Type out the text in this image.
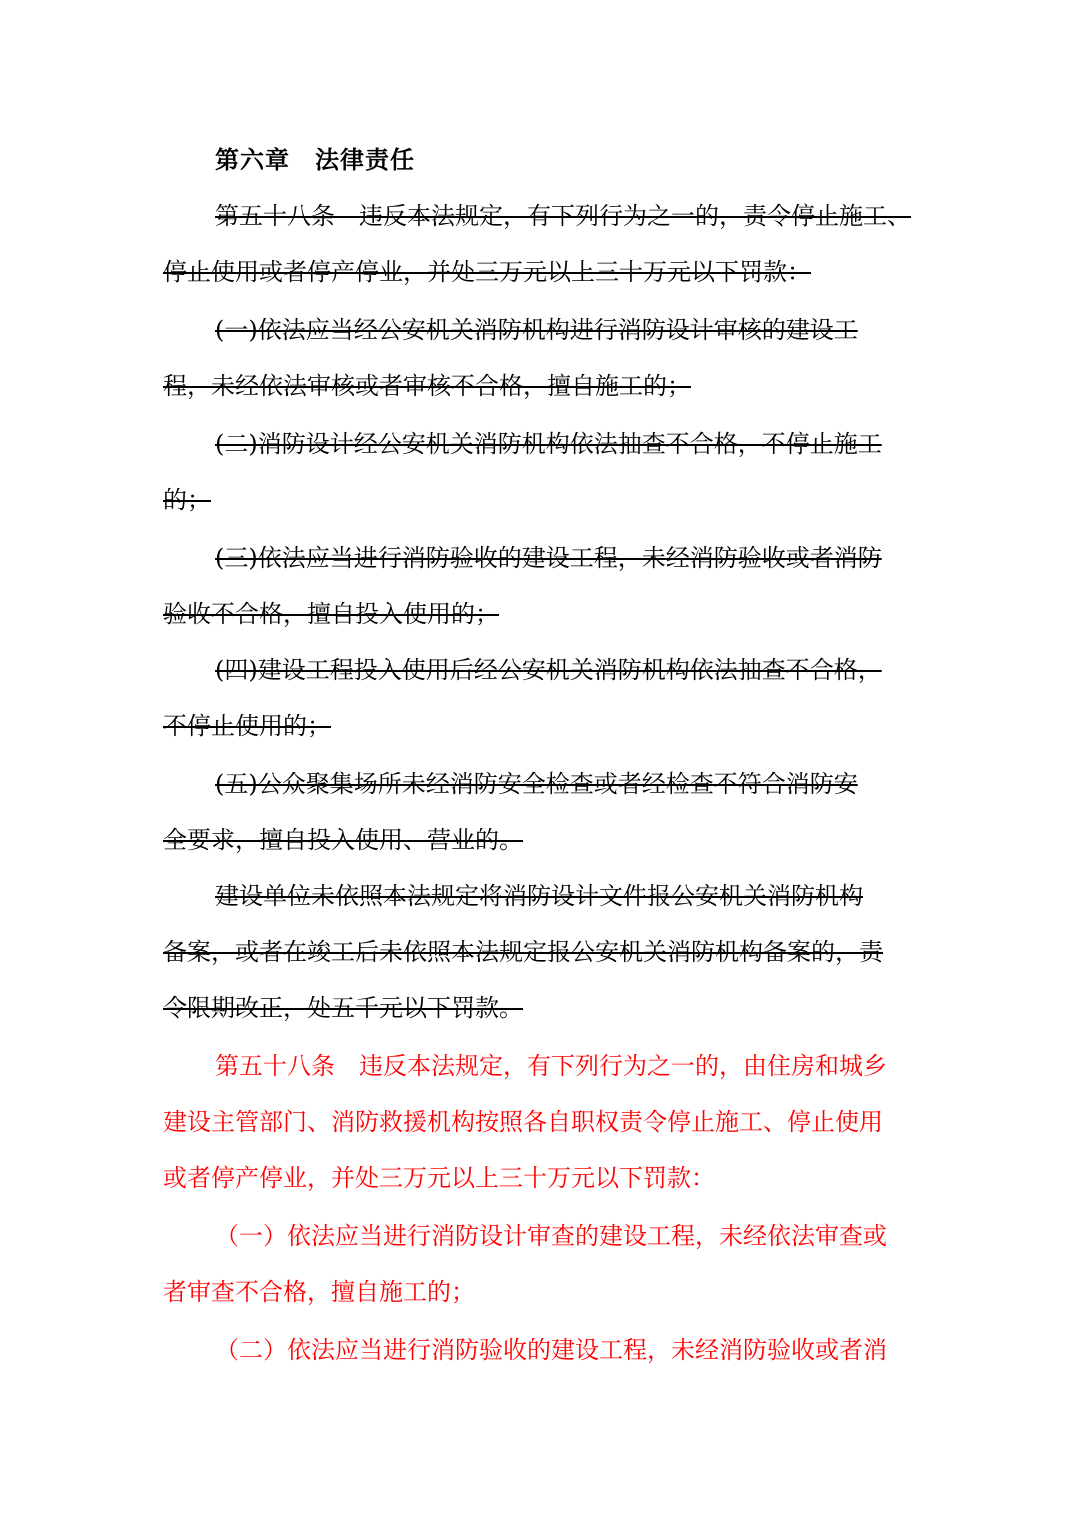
第六章　法律责任
第五十八条　违反本法规定，有下列行为之一的，责令停止施工、
停止使用或者停产停业，并处三万元以上三十万元以下罚款：
(一)依法应当经公安机关消防机构进行消防设计审核的建设工
程，未经依法审核或者审核不合格，擅自施工的；
(二)消防设计经公安机关消防机构依法抽查不合格，不停止施工
的；
(三)依法应当进行消防验收的建设工程，未经消防验收或者消防
验收不合格，擅自投入使用的；
(四)建设工程投入使用后经公安机关消防机构依法抽查不合格，
不停止使用的；
(五)公众聚集场所未经消防安全检查或者经检查不符合消防安
全要求，擅自投入使用、营业的。
建设单位未依照本法规定将消防设计文件报公安机关消防机构
备案，或者在竣工后未依照本法规定报公安机关消防机构备案的，责
令限期改正，处五千元以下罚款。
第五十八条　违反本法规定，有下列行为之一的，由住房和城乡
建设主管部门、消防救援机构按照各自职权责令停止施工、停止使用
或者停产停业，并处三万元以上三十万元以下罚款：
（一）依法应当进行消防设计审查的建设工程，未经依法审查或
者审查不合格，擅自施工的；
（二）依法应当进行消防验收的建设工程，未经消防验收或者消
